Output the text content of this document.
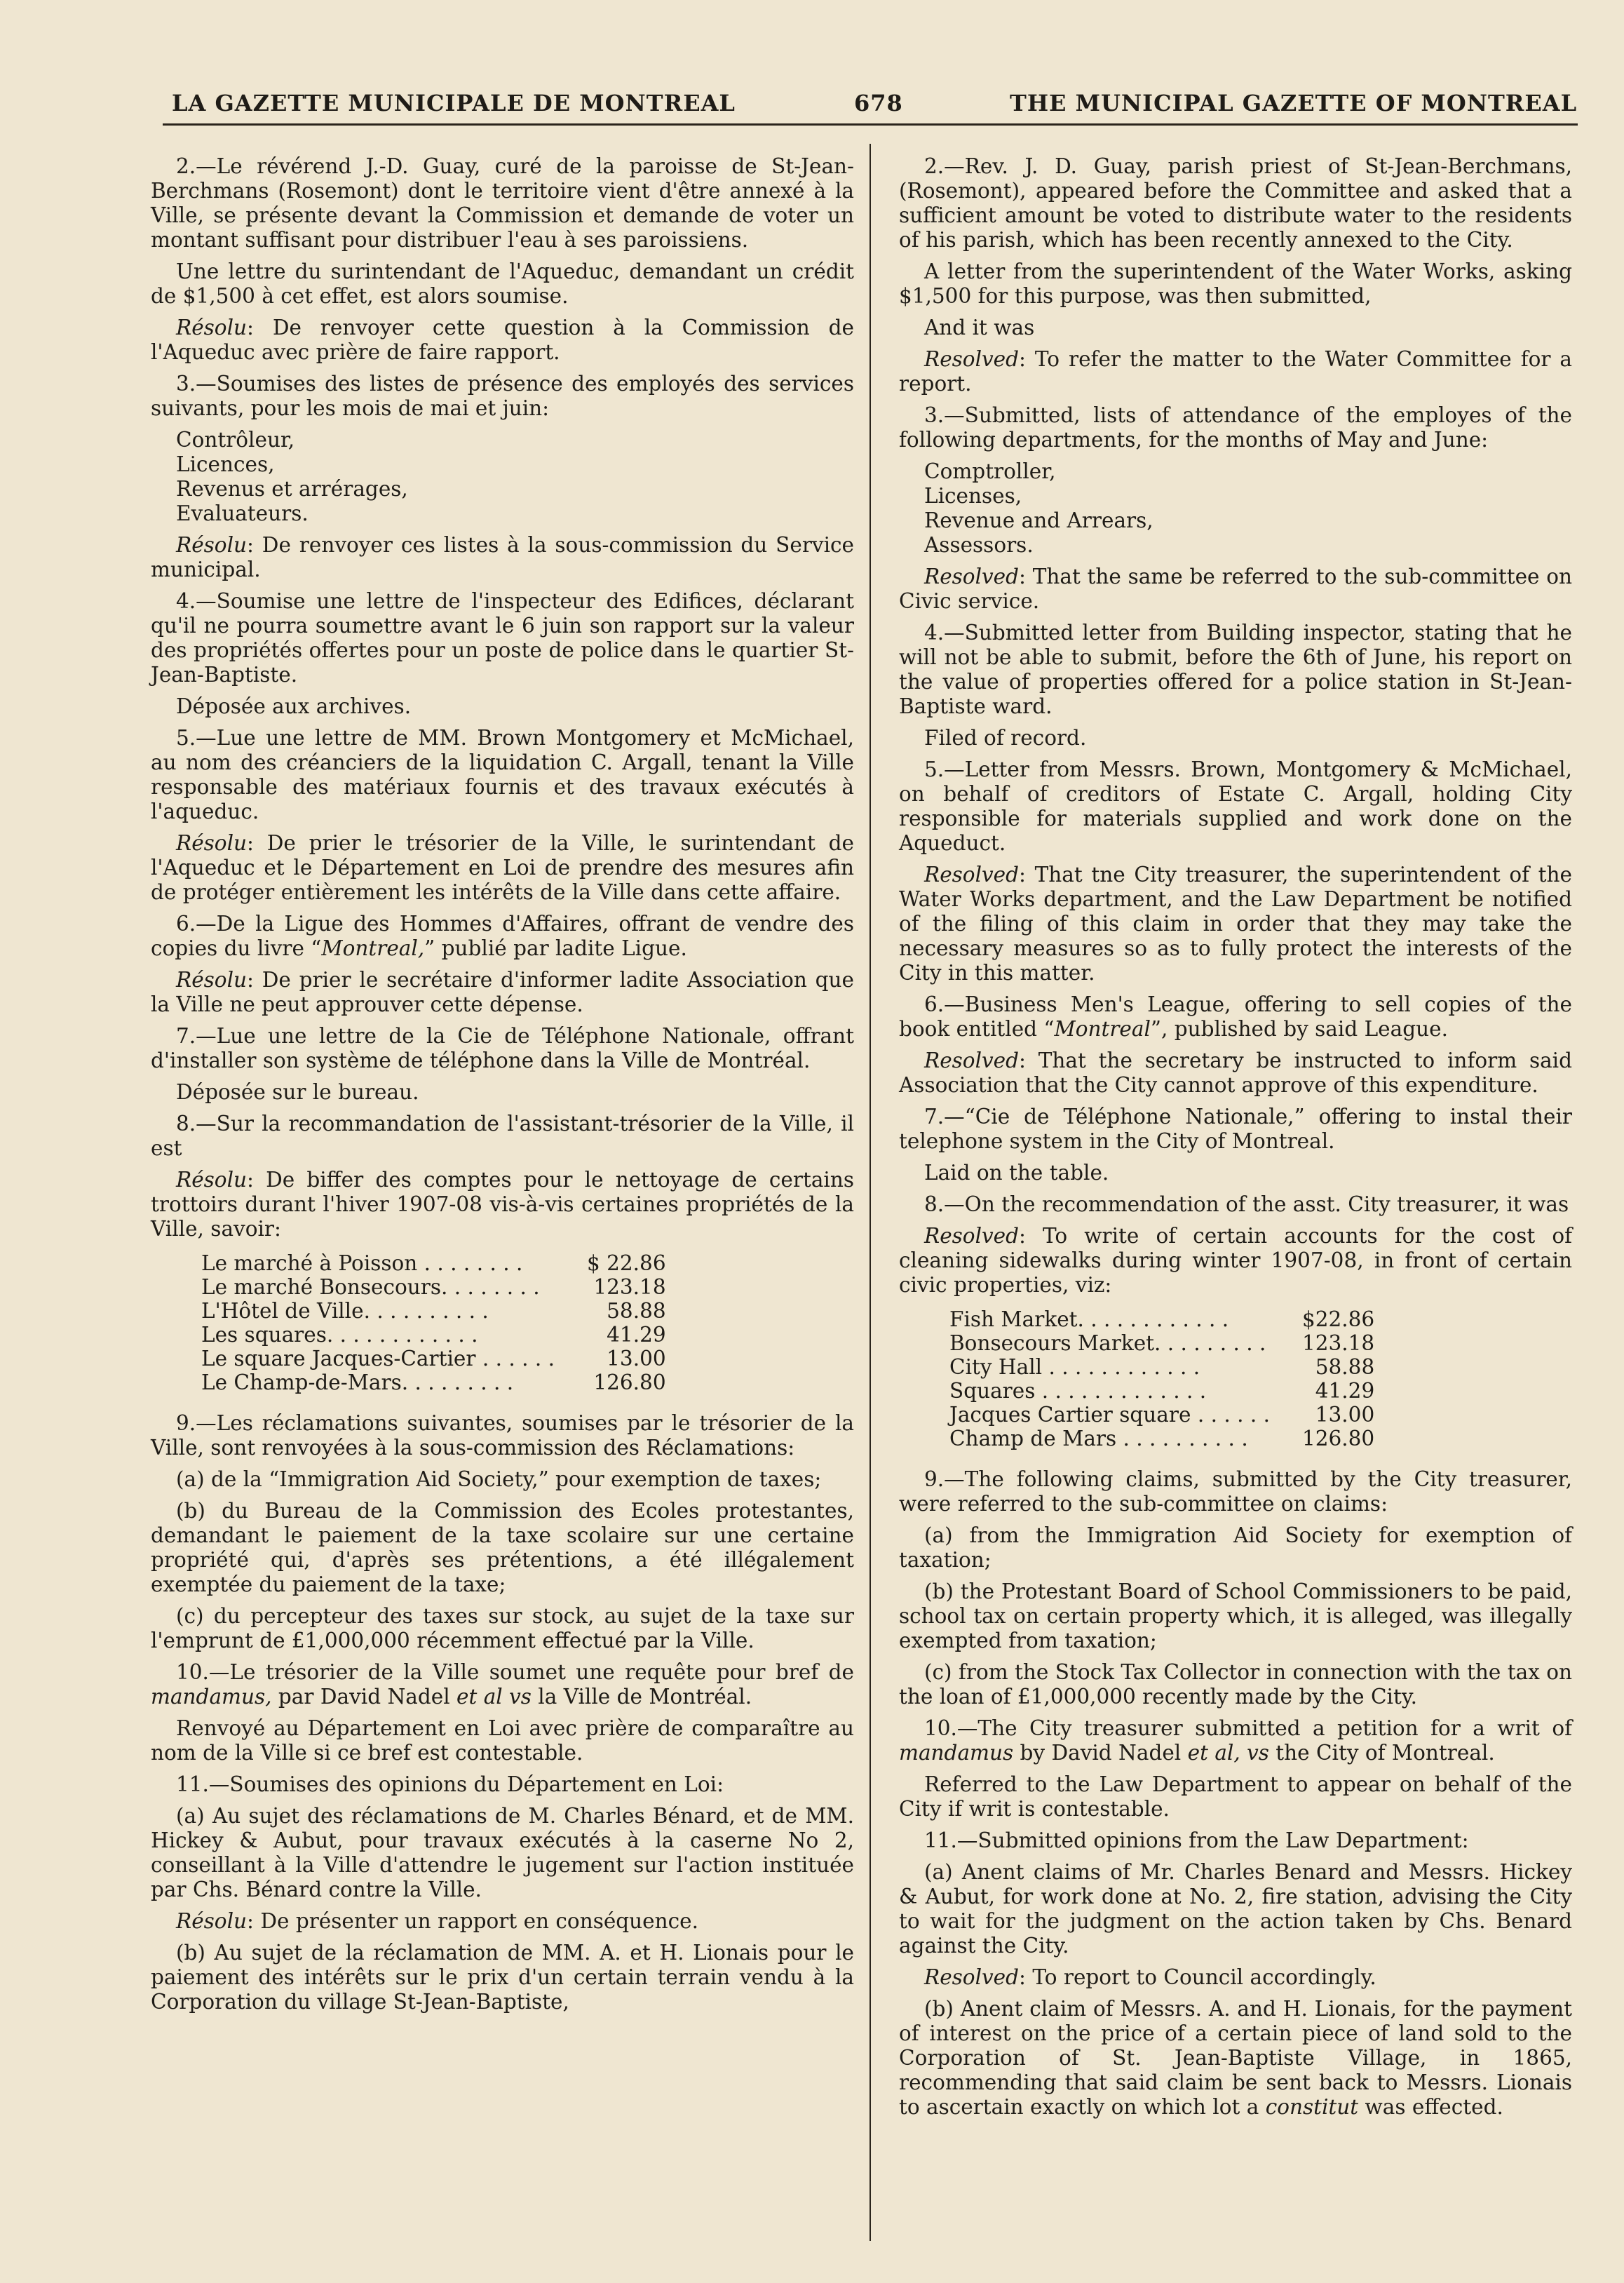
LA GAZETTE MUNICIPALE DE MONTREAL	678	THE MUNICIPAL GAZETTE OF MONTREAL

2.—Le révérend J.-D. Guay, curé de la paroisse de St-Jean-Berchmans (Rosemont) dont le territoire vient d'être annexé à la Ville, se présente devant la Commission et demande de voter un montant suffisant pour distribuer l'eau à ses paroissiens.

Une lettre du surintendant de l'Aqueduc, demandant un crédit de $1,500 à cet effet, est alors soumise.

Résolu: De renvoyer cette question à la Commission de l'Aqueduc avec prière de faire rapport.

3.—Soumises des listes de présence des employés des services suivants, pour les mois de mai et juin:

Contrôleur,
Licences,
Revenus et arrérages,
Evaluateurs.

Résolu: De renvoyer ces listes à la sous-commission du Service municipal.

4.—Soumise une lettre de l'inspecteur des Edifices, déclarant qu'il ne pourra soumettre avant le 6 juin son rapport sur la valeur des propriétés offertes pour un poste de police dans le quartier St-Jean-Baptiste.

Déposée aux archives.

5.—Lue une lettre de MM. Brown Montgomery et McMichael, au nom des créanciers de la liquidation C. Argall, tenant la Ville responsable des matériaux fournis et des travaux exécutés à l'aqueduc.

Résolu: De prier le trésorier de la Ville, le surintendant de l'Aqueduc et le Département en Loi de prendre des mesures afin de protéger entièrement les intérêts de la Ville dans cette affaire.

6.—De la Ligue des Hommes d'Affaires, offrant de vendre des copies du livre “Montreal,” publié par ladite Ligue.

Résolu: De prier le secrétaire d'informer ladite Association que la Ville ne peut approuver cette dépense.

7.—Lue une lettre de la Cie de Téléphone Nationale, offrant d'installer son système de téléphone dans la Ville de Montréal.

Déposée sur le bureau.

8.—Sur la recommandation de l'assistant-trésorier de la Ville, il est

Résolu: De biffer des comptes pour le nettoyage de certains trottoirs durant l'hiver 1907-08 vis-à-vis certaines propriétés de la Ville, savoir:

Le marché à Poisson . . . . . . . .	$ 22.86
Le marché Bonsecours. . . . . . . .	123.18
L'Hôtel de Ville. . . . . . . . . .	58.88
Les squares. . . . . . . . . . . .	41.29
Le square Jacques-Cartier . . . . . .	13.00
Le Champ-de-Mars. . . . . . . . .	126.80

9.—Les réclamations suivantes, soumises par le trésorier de la Ville, sont renvoyées à la sous-commission des Réclamations:

(a) de la “Immigration Aid Society,” pour exemption de taxes;

(b) du Bureau de la Commission des Ecoles protestantes, demandant le paiement de la taxe scolaire sur une certaine propriété qui, d'après ses prétentions, a été illégalement exemptée du paiement de la taxe;

(c) du percepteur des taxes sur stock, au sujet de la taxe sur l'emprunt de £1,000,000 récemment effectué par la Ville.

10.—Le trésorier de la Ville soumet une requête pour bref de mandamus, par David Nadel et al vs la Ville de Montréal.

Renvoyé au Département en Loi avec prière de comparaître au nom de la Ville si ce bref est contestable.

11.—Soumises des opinions du Département en Loi:

(a) Au sujet des réclamations de M. Charles Bénard, et de MM. Hickey & Aubut, pour travaux exécutés à la caserne No 2, conseillant à la Ville d'attendre le jugement sur l'action instituée par Chs. Bénard contre la Ville.

Résolu: De présenter un rapport en conséquence.

(b) Au sujet de la réclamation de MM. A. et H. Lionais pour le paiement des intérêts sur le prix d'un certain terrain vendu à la Corporation du village St-Jean-Baptiste,

2.—Rev. J. D. Guay, parish priest of St-Jean-Berchmans, (Rosemont), appeared before the Committee and asked that a sufficient amount be voted to distribute water to the residents of his parish, which has been recently annexed to the City.

A letter from the superintendent of the Water Works, asking $1,500 for this purpose, was then submitted,

And it was

Resolved: To refer the matter to the Water Committee for a report.

3.—Submitted, lists of attendance of the employes of the following departments, for the months of May and June:

Comptroller,
Licenses,
Revenue and Arrears,
Assessors.

Resolved: That the same be referred to the sub-committee on Civic service.

4.—Submitted letter from Building inspector, stating that he will not be able to submit, before the 6th of June, his report on the value of properties offered for a police station in St-Jean-Baptiste ward.

Filed of record.

5.—Letter from Messrs. Brown, Montgomery & McMichael, on behalf of creditors of Estate C. Argall, holding City responsible for materials supplied and work done on the Aqueduct.

Resolved: That tne City treasurer, the superintendent of the Water Works department, and the Law Department be notified of the filing of this claim in order that they may take the necessary measures so as to fully protect the interests of the City in this matter.

6.—Business Men's League, offering to sell copies of the book entitled “Montreal”, published by said League.

Resolved: That the secretary be instructed to inform said Association that the City cannot approve of this expenditure.

7.—“Cie de Téléphone Nationale,” offering to instal their telephone system in the City of Montreal.

Laid on the table.

8.—On the recommendation of the asst. City treasurer, it was

Resolved: To write of certain accounts for the cost of cleaning sidewalks during winter 1907-08, in front of certain civic properties, viz:

Fish Market. . . . . . . . . . . .	$22.86
Bonsecours Market. . . . . . . . .	123.18
City Hall . . . . . . . . . . . .	58.88
Squares . . . . . . . . . . . . .	41.29
Jacques Cartier square . . . . . .	13.00
Champ de Mars . . . . . . . . . .	126.80

9.—The following claims, submitted by the City treasurer, were referred to the sub-committee on claims:

(a) from the Immigration Aid Society for exemption of taxation;

(b) the Protestant Board of School Commissioners to be paid, school tax on certain property which, it is alleged, was illegally exempted from taxation;

(c) from the Stock Tax Collector in connection with the tax on the loan of £1,000,000 recently made by the City.

10.—The City treasurer submitted a petition for a writ of mandamus by David Nadel et al, vs the City of Montreal.

Referred to the Law Department to appear on behalf of the City if writ is contestable.

11.—Submitted opinions from the Law Department:

(a) Anent claims of Mr. Charles Benard and Messrs. Hickey & Aubut, for work done at No. 2, fire station, advising the City to wait for the judgment on the action taken by Chs. Benard against the City.

Resolved: To report to Council accordingly.

(b) Anent claim of Messrs. A. and H. Lionais, for the payment of interest on the price of a certain piece of land sold to the Corporation of St. Jean-Baptiste Village, in 1865, recommending that said claim be sent back to Messrs. Lionais to ascertain exactly on which lot a constitut was effected.
